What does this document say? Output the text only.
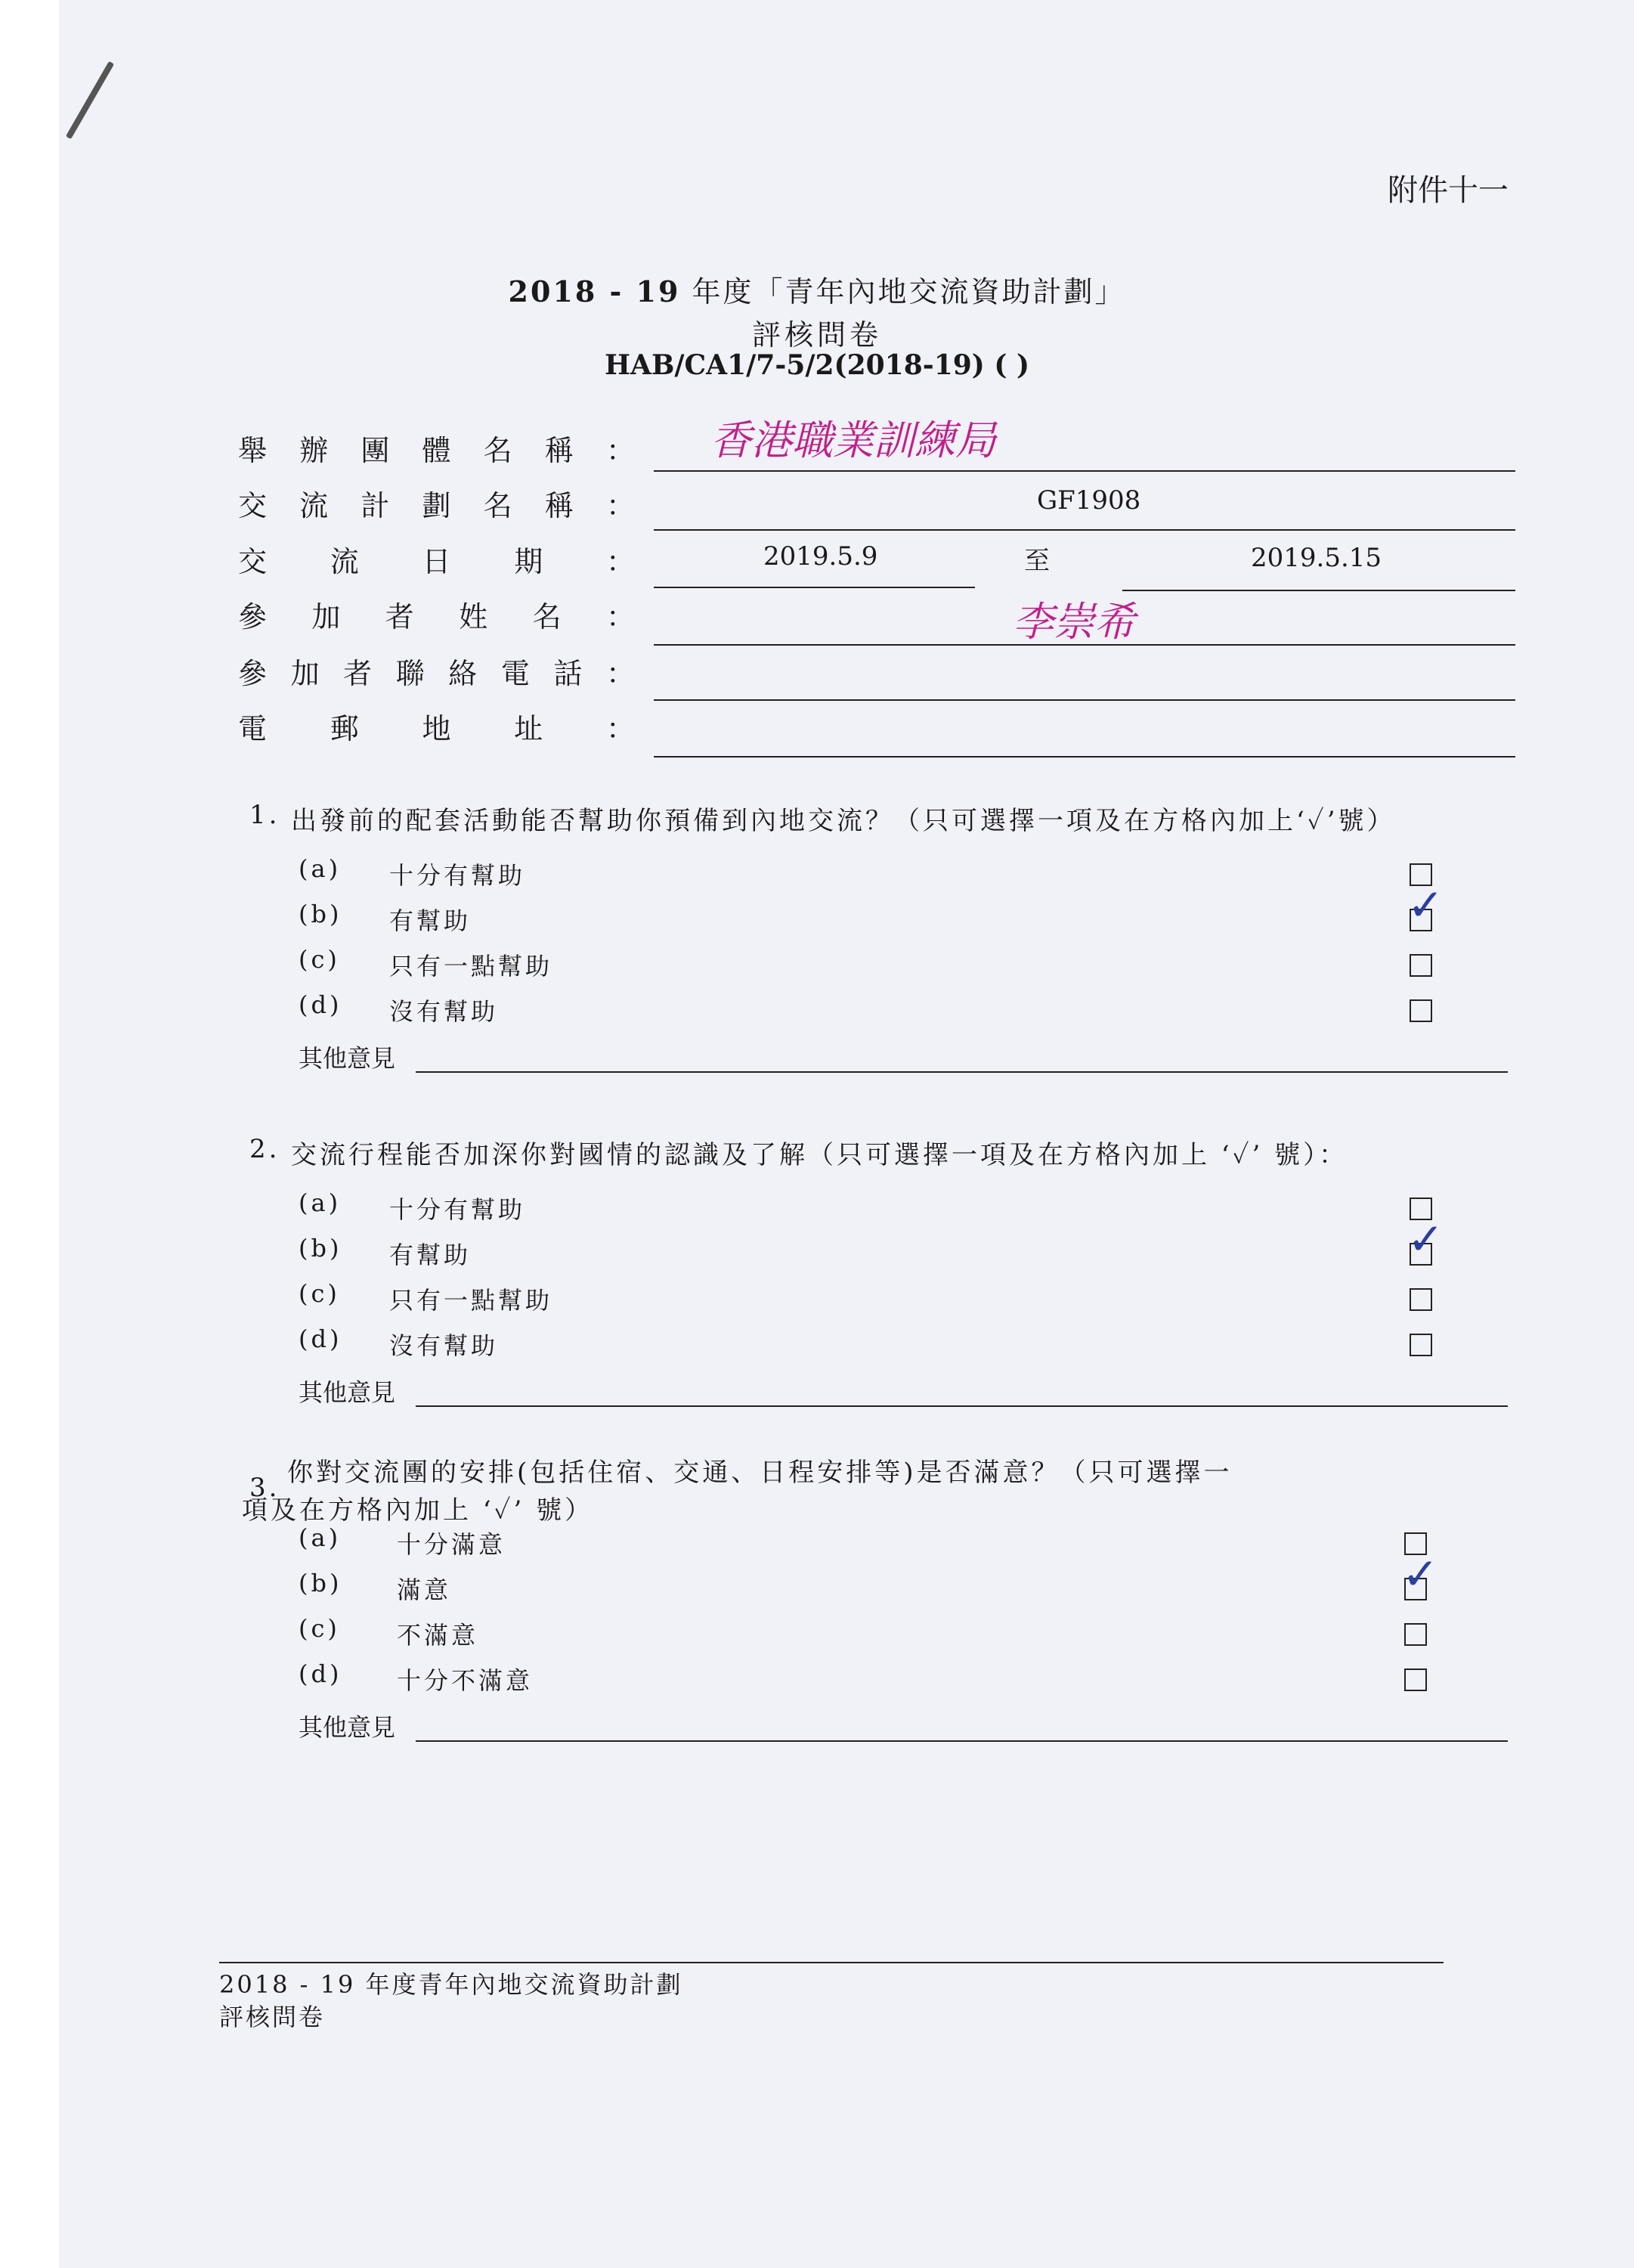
附件十一
2018 - 19 年度「青年內地交流資助計劃」
評核問卷
HAB/CA1/7-5/2(2018-19) ( )
舉 辦 團 體 名 稱 ： 香港職業訓練局
交 流 計 劃 名 稱 ：	GF1908
交 流 日 期 ：	2019.5.9	至	2019.5.15
參 加 者 姓 名 ：	李崇希
參 加 者 聯 絡 電 話 ：
電 郵 地 址 ：
1. 出發前的配套活動能否幫助你預備到內地交流？（只可選擇一項及在方格內加上‘✓’號）
(a) 十分有幫助
(b) 有幫助	✓
(c) 只有一點幫助
(d) 沒有幫助
其他意見
2. 交流行程能否加深你對國情的認識及了解（只可選擇一項及在方格內加上 ‘✓’ 號）：
(a) 十分有幫助
(b) 有幫助	✓
(c) 只有一點幫助
(d) 沒有幫助
其他意見
3. 你對交流團的安排(包括住宿、交通、日程安排等)是否滿意？（只可選擇一
項及在方格內加上 ‘✓’ 號）
(a) 十分滿意
(b) 滿意	✓
(c) 不滿意
(d) 十分不滿意
其他意見
2018 - 19 年度青年內地交流資助計劃
評核問卷
